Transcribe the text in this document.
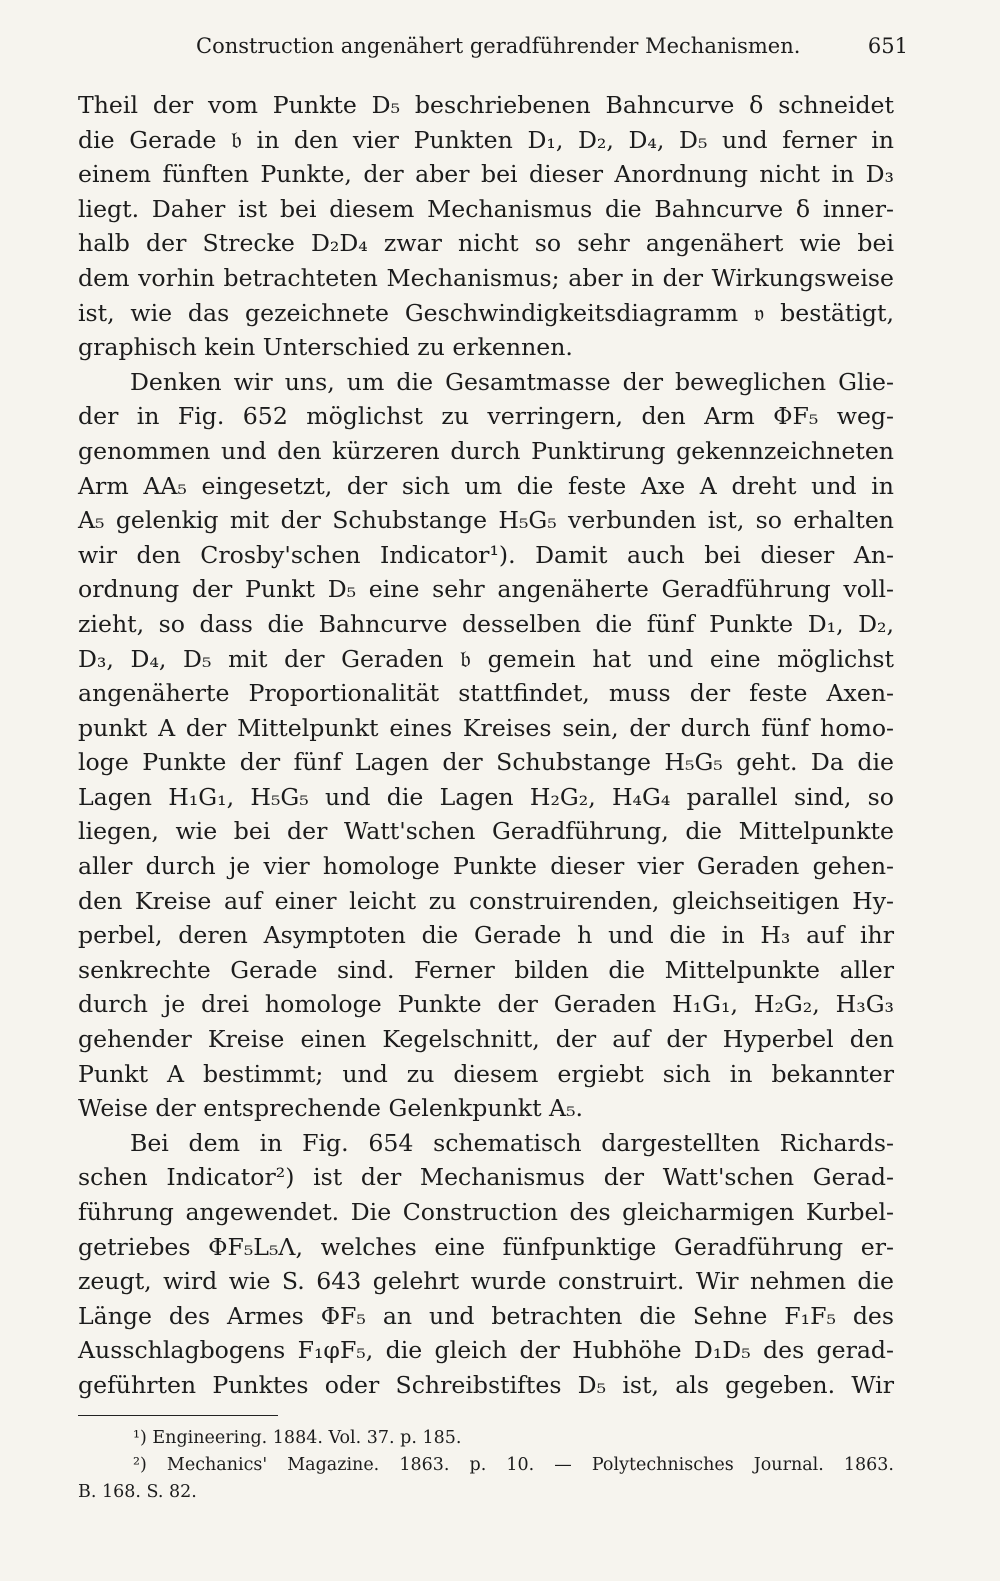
Construction angenähert geradführender Mechanismen.	651
Theil der vom Punkte D₅ beschriebenen Bahncurve δ schneidet
die Gerade 𝔟 in den vier Punkten D₁, D₂, D₄, D₅ und ferner in
einem fünften Punkte, der aber bei dieser Anordnung nicht in D₃
liegt. Daher ist bei diesem Mechanismus die Bahncurve δ inner-
halb der Strecke D₂D₄ zwar nicht so sehr angenähert wie bei
dem vorhin betrachteten Mechanismus; aber in der Wirkungsweise
ist, wie das gezeichnete Geschwindigkeitsdiagramm 𝔳 bestätigt,
graphisch kein Unterschied zu erkennen.
Denken wir uns, um die Gesamtmasse der beweglichen Glie-
der in Fig. 652 möglichst zu verringern, den Arm ΦF₅ weg-
genommen und den kürzeren durch Punktirung gekennzeichneten
Arm AA₅ eingesetzt, der sich um die feste Axe A dreht und in
A₅ gelenkig mit der Schubstange H₅G₅ verbunden ist, so erhalten
wir den Crosby'schen Indicator¹). Damit auch bei dieser An-
ordnung der Punkt D₅ eine sehr angenäherte Geradführung voll-
zieht, so dass die Bahncurve desselben die fünf Punkte D₁, D₂,
D₃, D₄, D₅ mit der Geraden 𝔟 gemein hat und eine möglichst
angenäherte Proportionalität stattfindet, muss der feste Axen-
punkt A der Mittelpunkt eines Kreises sein, der durch fünf homo-
loge Punkte der fünf Lagen der Schubstange H₅G₅ geht. Da die
Lagen H₁G₁, H₅G₅ und die Lagen H₂G₂, H₄G₄ parallel sind, so
liegen, wie bei der Watt'schen Geradführung, die Mittelpunkte
aller durch je vier homologe Punkte dieser vier Geraden gehen-
den Kreise auf einer leicht zu construirenden, gleichseitigen Hy-
perbel, deren Asymptoten die Gerade h und die in H₃ auf ihr
senkrechte Gerade sind. Ferner bilden die Mittelpunkte aller
durch je drei homologe Punkte der Geraden H₁G₁, H₂G₂, H₃G₃
gehender Kreise einen Kegelschnitt, der auf der Hyperbel den
Punkt A bestimmt; und zu diesem ergiebt sich in bekannter
Weise der entsprechende Gelenkpunkt A₅.
Bei dem in Fig. 654 schematisch dargestellten Richards-
schen Indicator²) ist der Mechanismus der Watt'schen Gerad-
führung angewendet. Die Construction des gleicharmigen Kurbel-
getriebes ΦF₅L₅Λ, welches eine fünfpunktige Geradführung er-
zeugt, wird wie S. 643 gelehrt wurde construirt. Wir nehmen die
Länge des Armes ΦF₅ an und betrachten die Sehne F₁F₅ des
Ausschlagbogens F₁φF₅, die gleich der Hubhöhe D₁D₅ des gerad-
geführten Punktes oder Schreibstiftes D₅ ist, als gegeben. Wir
¹) Engineering. 1884. Vol. 37. p. 185.
²) Mechanics' Magazine. 1863. p. 10. — Polytechnisches Journal. 1863.
B. 168. S. 82.
